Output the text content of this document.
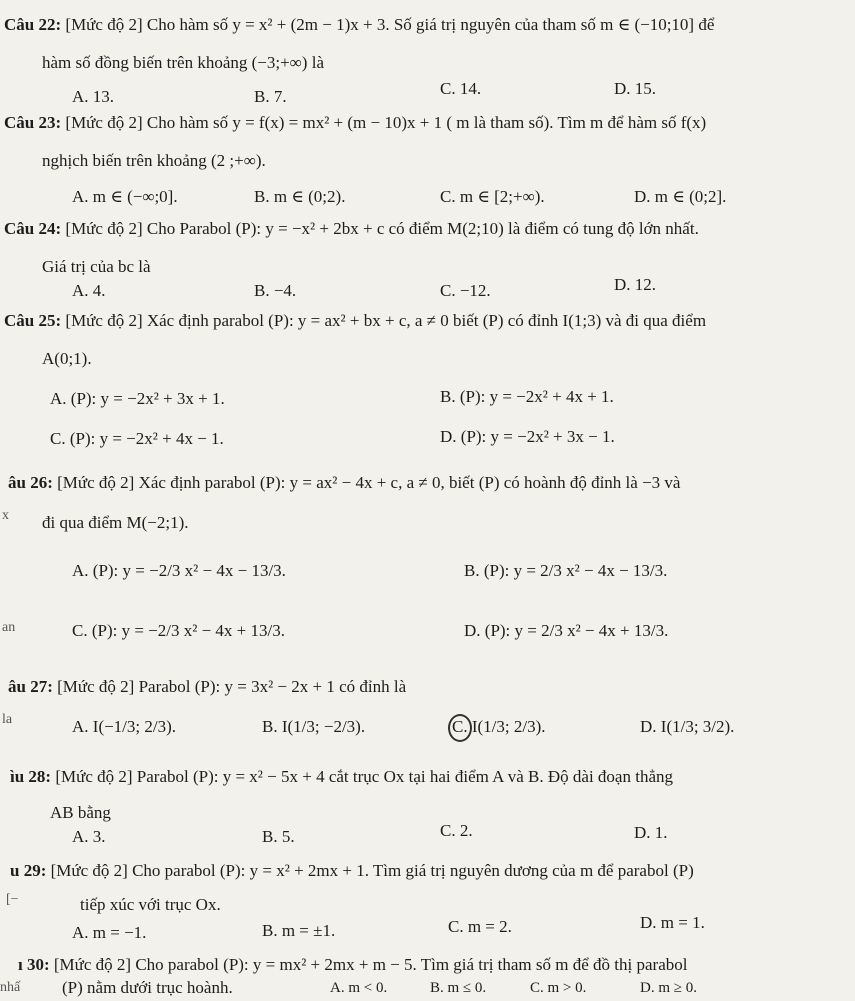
Câu 22: [Mức độ 2] Cho hàm số y = x² + (2m − 1)x + 3. Số giá trị nguyên của tham số m ∈ (−10;10] để
hàm số đồng biến trên khoảng (−3;+∞) là
A. 13.	B. 7.	C. 14.	D. 15.
Câu 23: [Mức độ 2] Cho hàm số y = f(x) = mx² + (m − 10)x + 1 ( m là tham số). Tìm m để hàm số f(x)
nghịch biến trên khoảng (2 ;+∞).
A. m ∈ (−∞;0].	B. m ∈ (0;2).	C. m ∈ [2;+∞).	D. m ∈ (0;2].
Câu 24: [Mức độ 2] Cho Parabol (P): y = −x² + 2bx + c có điểm M(2;10) là điểm có tung độ lớn nhất.
Giá trị của bc là
A. 4.	B. −4.	C. −12.	D. 12.
Câu 25: [Mức độ 2] Xác định parabol (P): y = ax² + bx + c, a ≠ 0 biết (P) có đỉnh I(1;3) và đi qua điểm
A(0;1).
A. (P): y = −2x² + 3x + 1.	B. (P): y = −2x² + 4x + 1.
C. (P): y = −2x² + 4x − 1.	D. (P): y = −2x² + 3x − 1.
âu 26: [Mức độ 2] Xác định parabol (P): y = ax² − 4x + c, a ≠ 0, biết (P) có hoành độ đỉnh là −3 và
đi qua điểm M(−2;1).
A. (P): y = −2/3 x² − 4x − 13/3.	B. (P): y = 2/3 x² − 4x − 13/3.
C. (P): y = −2/3 x² − 4x + 13/3.	D. (P): y = 2/3 x² − 4x + 13/3.
âu 27: [Mức độ 2] Parabol (P): y = 3x² − 2x + 1 có đỉnh là
A. I(−1/3; 2/3).	B. I(1/3; −2/3).	C. I(1/3; 2/3).	D. I(1/3; 3/2).
ìu 28: [Mức độ 2] Parabol (P): y = x² − 5x + 4 cắt trục Ox tại hai điểm A và B. Độ dài đoạn thẳng
AB bằng
A. 3.	B. 5.	C. 2.	D. 1.
u 29: [Mức độ 2] Cho parabol (P): y = x² + 2mx + 1. Tìm giá trị nguyên dương của m để parabol (P)
tiếp xúc với trục Ox.
A. m = −1.	B. m = ±1.	C. m = 2.	D. m = 1.
ı 30: [Mức độ 2] Cho parabol (P): y = mx² + 2mx + m − 5. Tìm giá trị tham số m để đồ thị parabol
(P) nằm dưới trục hoành.	A. m < 0.	B. m ≤ 0.	C. m > 0.	D. m ≥ 0.
x
an
la
[−
nhấ
